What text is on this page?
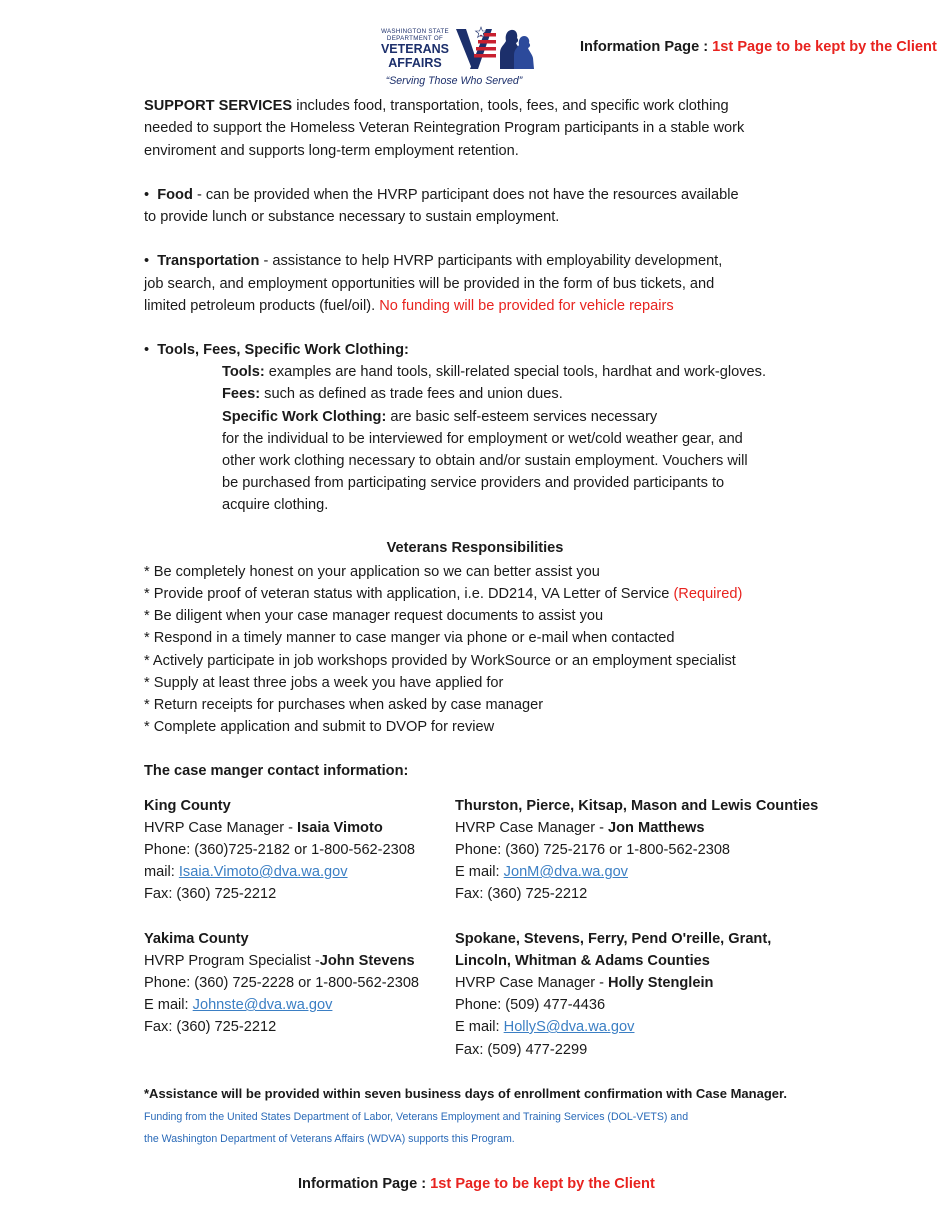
WASHINGTON STATE
DEPARTMENT OF
VETERANS
AFFAIRS
“Serving Those Who Served”
Information Page : 1st Page to be kept by the Client
SUPPORT SERVICES includes food, transportation, tools, fees, and specific work clothing
needed to support the Homeless Veteran Reintegration Program participants in a stable work
enviroment and supports long-term employment retention.
• Food - can be provided when the HVRP participant does not have the resources available
to provide lunch or substance necessary to sustain employment.
• Transportation - assistance to help HVRP participants with employability development,
job search, and employment opportunities will be provided in the form of bus tickets, and
limited petroleum products (fuel/oil). No funding will be provided for vehicle repairs
• Tools, Fees, Specific Work Clothing:
Tools: examples are hand tools, skill-related special tools, hardhat and work-gloves.
Fees: such as defined as trade fees and union dues.
Specific Work Clothing: are basic self-esteem services necessary
for the individual to be interviewed for employment or wet/cold weather gear, and
other work clothing necessary to obtain and/or sustain employment. Vouchers will
be purchased from participating service providers and provided participants to
acquire clothing.
Veterans Responsibilities
* Be completely honest on your application so we can better assist you
* Provide proof of veteran status with application, i.e. DD214, VA Letter of Service (Required)
* Be diligent when your case manager request documents to assist you
* Respond in a timely manner to case manger via phone or e-mail when contacted
* Actively participate in job workshops provided by WorkSource or an employment specialist
* Supply at least three jobs a week you have applied for
* Return receipts for purchases when asked by case manager
* Complete application and submit to DVOP for review
The case manger contact information:
King County
HVRP Case Manager - Isaia Vimoto
Phone: (360)725-2182 or 1-800-562-2308
mail: Isaia.Vimoto@dva.wa.gov
Fax: (360) 725-2212
Thurston, Pierce, Kitsap, Mason and Lewis Counties
HVRP Case Manager - Jon Matthews
Phone: (360) 725-2176 or 1-800-562-2308
E mail: JonM@dva.wa.gov
Fax: (360) 725-2212
Yakima County
HVRP Program Specialist -John Stevens
Phone: (360) 725-2228 or 1-800-562-2308
E mail: Johnste@dva.wa.gov
Fax: (360) 725-2212
Spokane, Stevens, Ferry, Pend O'reille, Grant,
Lincoln, Whitman & Adams Counties
HVRP Case Manager - Holly Stenglein
Phone: (509) 477-4436
E mail: HollyS@dva.wa.gov
Fax: (509) 477-2299
*Assistance will be provided within seven business days of enrollment confirmation with Case Manager.
Funding from the United States Department of Labor, Veterans Employment and Training Services (DOL-VETS) and
the Washington Department of Veterans Affairs (WDVA) supports this Program.
Information Page : 1st Page to be kept by the Client
